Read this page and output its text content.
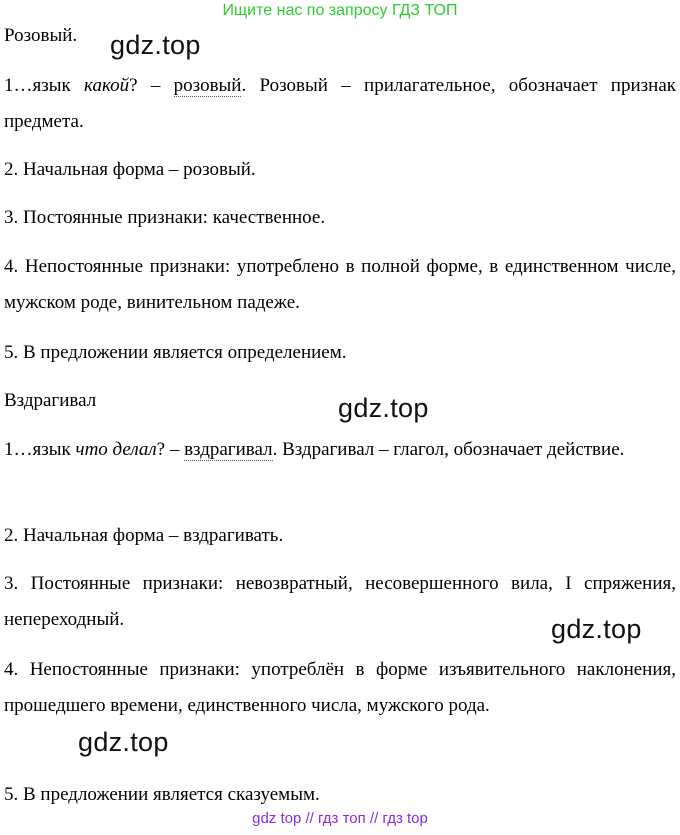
Ищите нас по запросу ГДЗ ТОП
Розовый.
1…язык какой? – розовый. Розовый – прилагательное, обозначает признак предмета.
2. Начальная форма – розовый.
3. Постоянные признаки: качественное.
4. Непостоянные признаки: употреблено в полной форме, в единственном числе, мужском роде, винительном падеже.
5. В предложении является определением.
Вздрагивал
1…язык что делал? – вздрагивал. Вздрагивал – глагол, обозначает действие.
2. Начальная форма – вздрагивать.
3. Постоянные признаки: невозвратный, несовершенного вила, I спряжения, непереходный.
4. Непостоянные признаки: употреблён в форме изъявительного наклонения, прошедшего времени, единственного числа, мужского рода.
5. В предложении является сказуемым.
gdz.top
gdz.top
gdz.top
gdz.top
gdz top // гдз топ // гдз top
